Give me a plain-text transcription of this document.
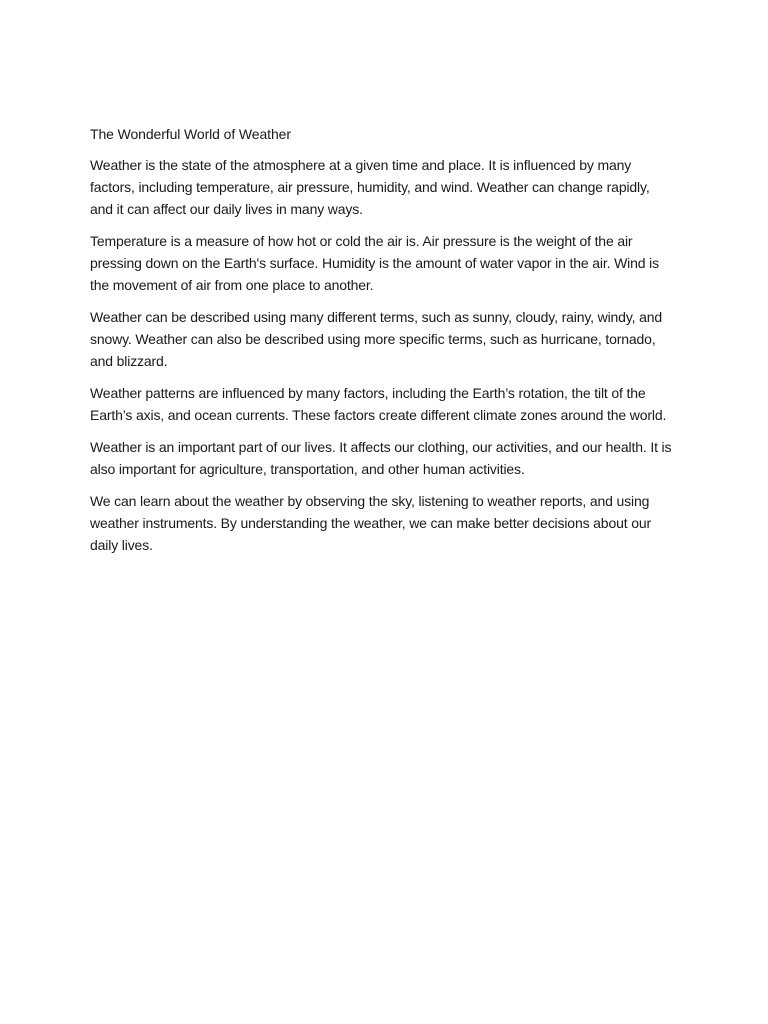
The Wonderful World of Weather

Weather is the state of the atmosphere at a given time and place. It is influenced by many factors, including temperature, air pressure, humidity, and wind. Weather can change rapidly, and it can affect our daily lives in many ways.

Temperature is a measure of how hot or cold the air is. Air pressure is the weight of the air pressing down on the Earth's surface. Humidity is the amount of water vapor in the air. Wind is the movement of air from one place to another.

Weather can be described using many different terms, such as sunny, cloudy, rainy, windy, and snowy. Weather can also be described using more specific terms, such as hurricane, tornado, and blizzard.

Weather patterns are influenced by many factors, including the Earth’s rotation, the tilt of the Earth’s axis, and ocean currents. These factors create different climate zones around the world.

Weather is an important part of our lives. It affects our clothing, our activities, and our health. It is also important for agriculture, transportation, and other human activities.

We can learn about the weather by observing the sky, listening to weather reports, and using weather instruments. By understanding the weather, we can make better decisions about our daily lives.
